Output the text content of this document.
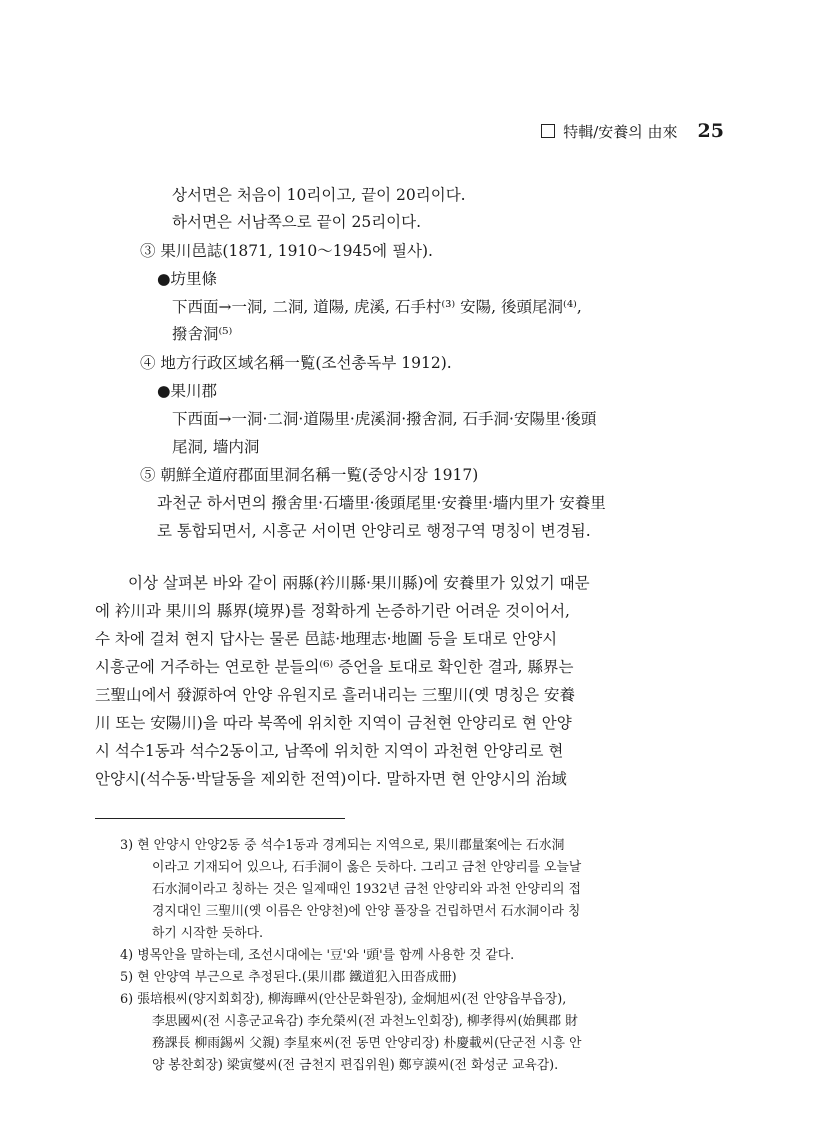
特輯/安養의 由來 25
상서면은 처음이 10리이고, 끝이 20리이다.
하서면은 서남쪽으로 끝이 25리이다.
③ 果川邑誌(1871, 1910～1945에 필사).
●坊里條
下西面→一洞, 二洞, 道陽, 虎溪, 石手村⁽³⁾ 安陽, 後頭尾洞⁽⁴⁾,
撥舍洞⁽⁵⁾
④ 地方行政区域名稱一覧(조선총독부 1912).
●果川郡
下西面→一洞·二洞·道陽里·虎溪洞·撥舍洞, 石手洞·安陽里·後頭
尾洞, 墻内洞
⑤ 朝鮮全道府郡面里洞名稱一覧(중앙시장 1917)
과천군 하서면의 撥舍里·石墻里·後頭尾里·安養里·墻内里가 安養里
로 통합되면서, 시흥군 서이면 안양리로 행정구역 명칭이 변경됨.
이상 살펴본 바와 같이 兩縣(衿川縣·果川縣)에 安養里가 있었기 때문
에 衿川과 果川의 縣界(境界)를 정확하게 논증하기란 어려운 것이어서,
수 차에 걸쳐 현지 답사는 물론 邑誌·地理志·地圖 등을 토대로 안양시
시흥군에 거주하는 연로한 분들의⁽⁶⁾ 증언을 토대로 확인한 결과, 縣界는
三聖山에서 發源하여 안양 유원지로 흘러내리는 三聖川(옛 명칭은 安養
川 또는 安陽川)을 따라 북쪽에 위치한 지역이 금천현 안양리로 현 안양
시 석수1동과 석수2동이고, 남쪽에 위치한 지역이 과천현 안양리로 현
안양시(석수동·박달동을 제외한 전역)이다. 말하자면 현 안양시의 治域
3) 현 안양시 안양2동 중 석수1동과 경계되는 지역으로, 果川郡量案에는 石水洞
이라고 기재되어 있으나, 石手洞이 옳은 듯하다. 그리고 금천 안양리를 오늘날
石水洞이라고 칭하는 것은 일제때인 1932년 금천 안양리와 과천 안양리의 접
경지대인 三聖川(옛 이름은 안양천)에 안양 풀장을 건립하면서 石水洞이라 칭
하기 시작한 듯하다.
4) 병목안을 말하는데, 조선시대에는 '豆'와 '頭'를 함께 사용한 것 같다.
5) 현 안양역 부근으로 추정된다.(果川郡 鐵道犯入田沓成冊)
6) 張培根씨(양지회회장), 柳海曄씨(안산문화원장), 金炯旭씨(전 안양읍부읍장),
李思國씨(전 시흥군교육감) 李允榮씨(전 과천노인회장), 柳孝得씨(始興郡 財
務課長 柳雨錫씨 父親) 李星來씨(전 동면 안양리장) 朴慶載씨(단군전 시흥 안
양 봉찬회장) 梁寅燮씨(전 금천지 편집위원) 鄭亨謨씨(전 화성군 교육감).
